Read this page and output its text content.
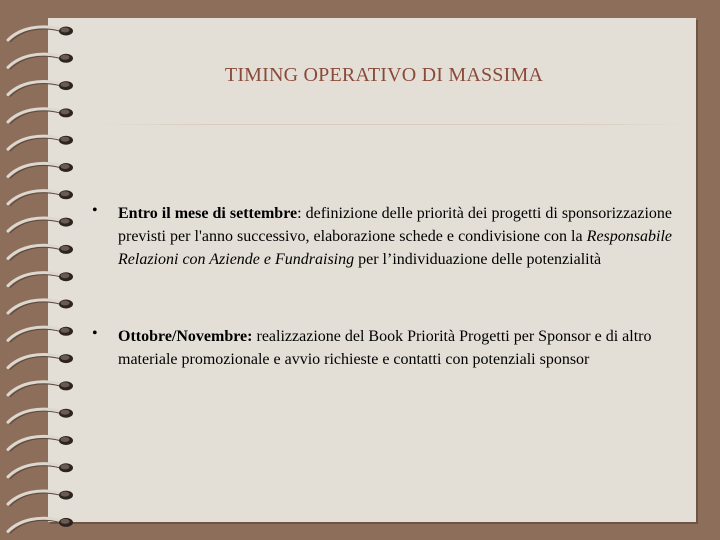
TIMING OPERATIVO DI MASSIMA
•	Entro il mese di settembre: definizione delle priorità dei progetti di sponsorizzazione previsti per l'anno successivo, elaborazione schede e condivisione con la Responsabile Relazioni con Aziende e Fundraising per l’individuazione delle potenzialità
•	Ottobre/Novembre: realizzazione del Book Priorità Progetti per Sponsor e di altro materiale promozionale e avvio richieste e contatti con potenziali sponsor
